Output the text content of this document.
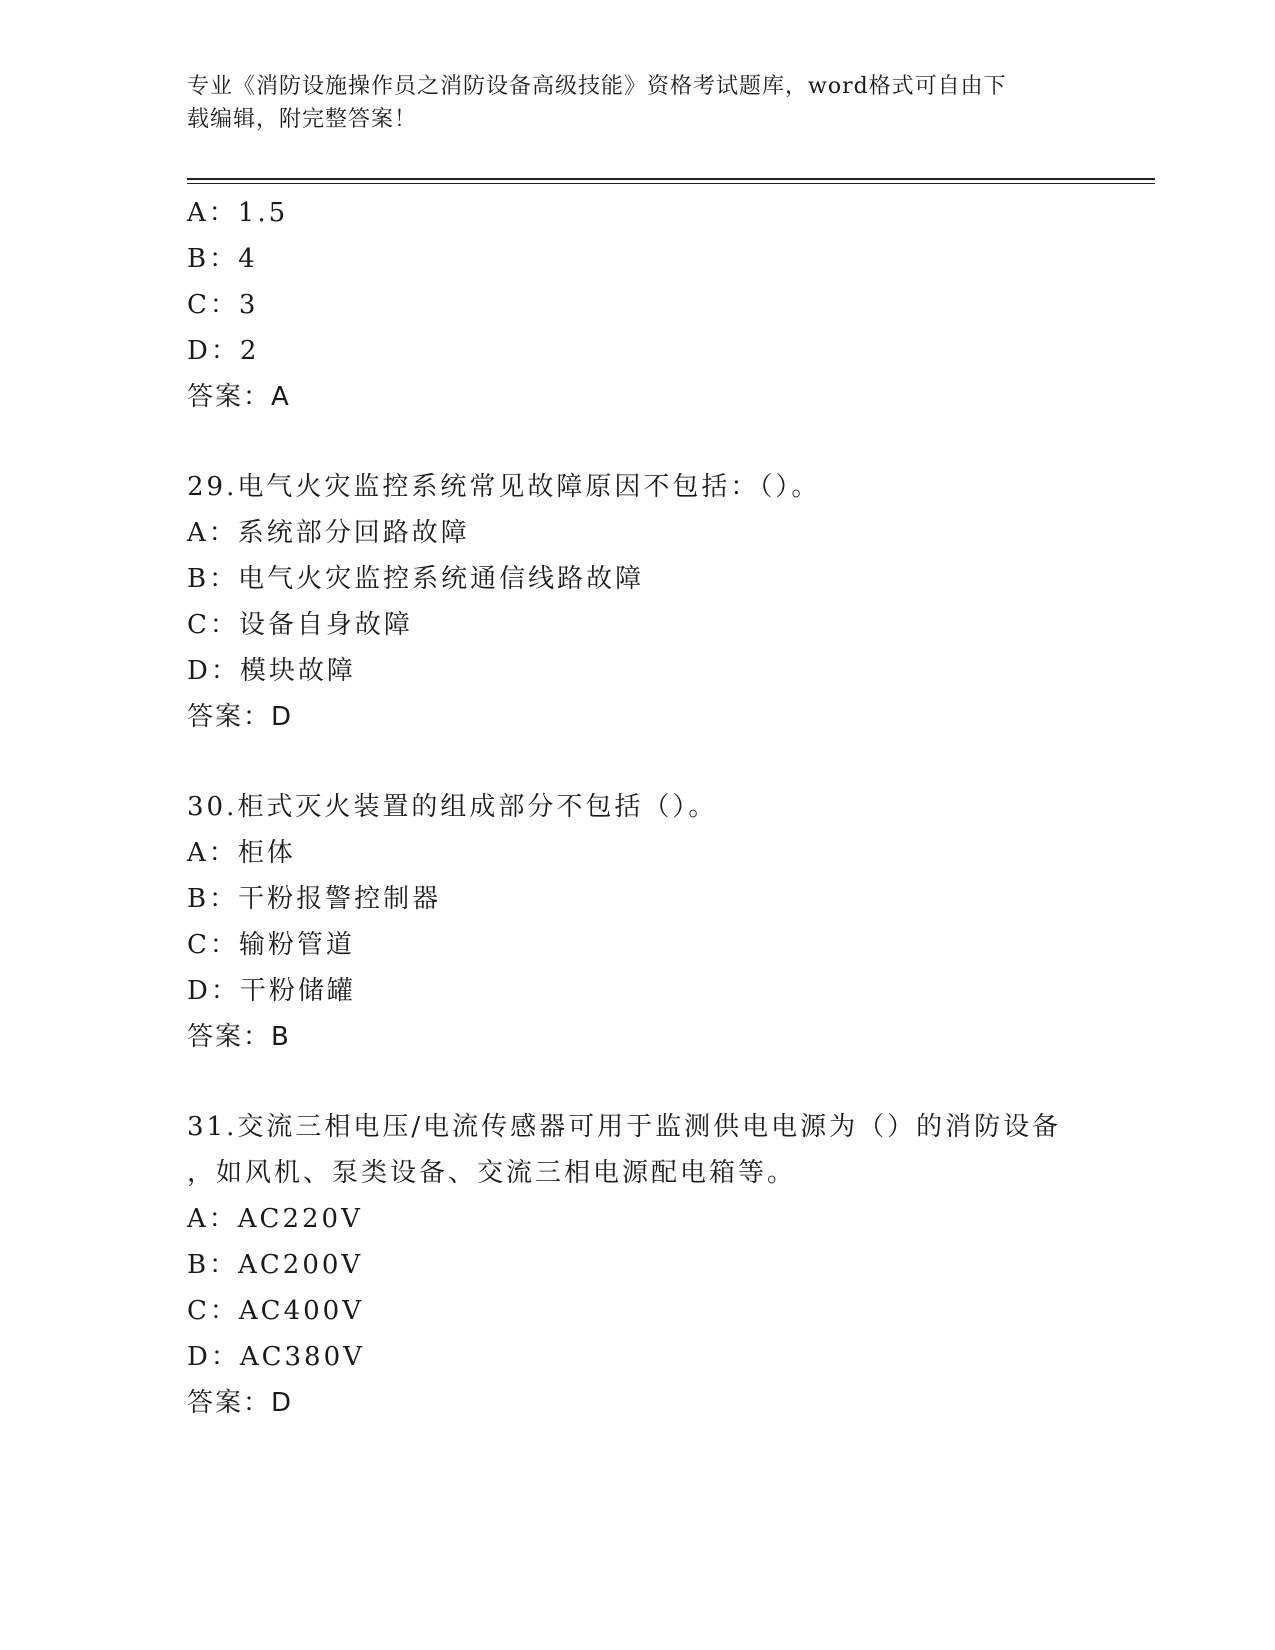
专业《消防设施操作员之消防设备高级技能》资格考试题库，word格式可自由下
载编辑，附完整答案！
A：1.5
B：4
C：3
D：2
答案：A
29.电气火灾监控系统常见故障原因不包括：（）。
A：系统部分回路故障
B：电气火灾监控系统通信线路故障
C：设备自身故障
D：模块故障
答案：D
30.柜式灭火装置的组成部分不包括（）。
A：柜体
B：干粉报警控制器
C：输粉管道
D：干粉储罐
答案：B
31.交流三相电压/电流传感器可用于监测供电电源为（）的消防设备
，如风机、泵类设备、交流三相电源配电箱等。
A：AC220V
B：AC200V
C：AC400V
D：AC380V
答案：D
